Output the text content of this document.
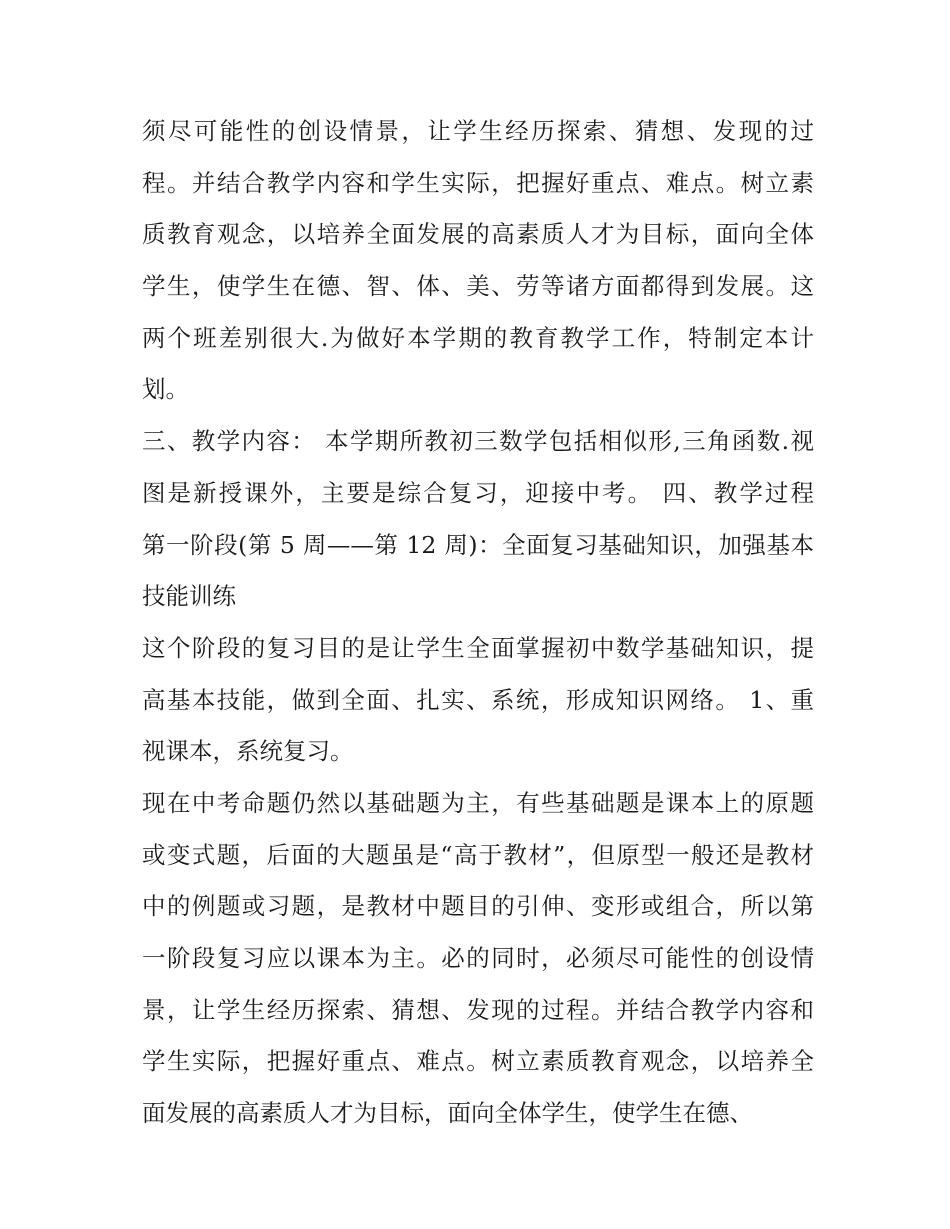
须尽可能性的创设情景，让学生经历探索、猜想、发现的过
程。并结合教学内容和学生实际，把握好重点、难点。树立素
质教育观念，以培养全面发展的高素质人才为目标，面向全体
学生，使学生在德、智、体、美、劳等诸方面都得到发展。这
两个班差别很大.为做好本学期的教育教学工作，特制定本计
划。
三、教学内容： 本学期所教初三数学包括相似形,三角函数.视
图是新授课外，主要是综合复习，迎接中考。 四、教学过程
第一阶段(第 5 周——第 12 周)：全面复习基础知识，加强基本
技能训练
这个阶段的复习目的是让学生全面掌握初中数学基础知识，提
高基本技能，做到全面、扎实、系统，形成知识网络。 1、重
视课本，系统复习。
现在中考命题仍然以基础题为主，有些基础题是课本上的原题
或变式题，后面的大题虽是“高于教材”，但原型一般还是教材
中的例题或习题，是教材中题目的引伸、变形或组合，所以第
一阶段复习应以课本为主。必的同时，必须尽可能性的创设情
景，让学生经历探索、猜想、发现的过程。并结合教学内容和
学生实际，把握好重点、难点。树立素质教育观念，以培养全
面发展的高素质人才为目标，面向全体学生，使学生在德、
